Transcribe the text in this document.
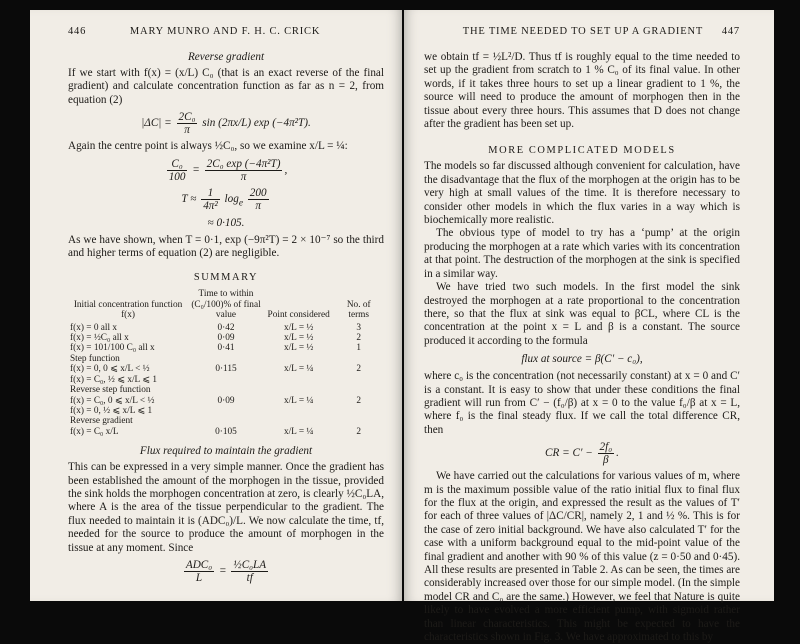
446	MARY MUNRO AND F. H. C. CRICK
Reverse gradient

If we start with f(x) = (x/L) C₀ (that is an exact reverse of the final gradient) and calculate concentration function as far as n = 2, from equation (2)

$|\Delta C| = \frac{\text{2C₀}}{\pi}$ sin (2πx/L) exp (−4π²T).

Again the centre point is always ½C₀, so we examine x/L = ¼:

$\frac{\text{C₀}}{100} = \frac{\text{2C₀ exp (−4π²T)}}{\pi}$ ,
$T \approx \frac{1}{\text{4π²}} \log_e \frac{200}{\pi}$
≈ 0·105.

As we have shown, when T = 0·1, exp (−9π²T) = 2 × 10⁻⁷ so the third and higher terms of equation (2) are negligible.

SUMMARY
Initial concentration function f(x)	Time to within (C₀/100)% of final value	Point considered	No. of terms
f(x) = 0 all x	0·42	x/L = ½	3
f(x) = ½C₀ all x	0·09	x/L = ½	2
f(x) = 101/100 C₀ all x	0·41	x/L = ½	1
Step function			
f(x) = 0, 0 ⩽ x/L < ½	0·115	x/L = ¼	2
f(x) = C₀, ½ ⩽ x/L ⩽ 1			
Reverse step function			
f(x) = C₀, 0 ⩽ x/L < ½	0·09	x/L = ¼	2
f(x) = 0, ½ ⩽ x/L ⩽ 1			
Reverse gradient			
f(x) = C₀ x/L	0·105	x/L = ¼	2
Flux required to maintain the gradient

This can be expressed in a very simple manner. Once the gradient has been established the amount of the morphogen in the tissue, provided the sink holds the morphogen concentration at zero, is clearly ½C₀LA, where A is the area of the tissue perpendicular to the gradient. The flux needed to maintain it is (ADC₀)/L. We now calculate the time, tf, needed for the source to produce the amount of morphogen in the tissue at any moment. Since

$\frac{\text{ADC₀}}{L} = \frac{\text{½C₀LA}}{tf}$
THE TIME NEEDED TO SET UP A GRADIENT 447

we obtain tf = ½L²/D. Thus tf is roughly equal to the time needed to set up the gradient from scratch to 1 % C₀ of its final value. In other words, if it takes three hours to set up a linear gradient to 1 %, the source will need to produce the amount of morphogen then in the tissue about every three hours. This assumes that D does not change after the gradient has been set up.

MORE COMPLICATED MODELS

The models so far discussed although convenient for calculation, have the disadvantage that the flux of the morphogen at the origin has to be very high at small values of the time. It is therefore necessary to consider other models in which the flux varies in a way which is biochemically more realistic.

The obvious type of model to try has a ‘pump’ at the origin producing the morphogen at a rate which varies with its concentration at that point. The destruction of the morphogen at the sink is specified in a similar way.

We have tried two such models. In the first model the sink destroyed the morphogen at a rate proportional to the concentration there, so that the flux at sink was equal to βCL, where CL is the concentration at the point x = L and β is a constant. The source produced it according to the formula

flux at source = β(C′ − c₀),

where c₀ is the concentration (not necessarily constant) at x = 0 and C′ is a constant. It is easy to show that under these conditions the final gradient will run from C′ − (f₀/β) at x = 0 to the value f₀/β at x = L, where f₀ is the final steady flux. If we call the total difference CR, then

CR = $C' - \frac{\text{2f₀}}{\beta}$ .

We have carried out the calculations for various values of m, where m is the maximum possible value of the ratio initial flux to final flux for the flux at the origin, and expressed the result as the values of T′ for each of three values of |ΔC/CR|, namely 2, 1 and ½ %. This is for the case of zero initial background. We have also calculated T′ for the case with a uniform background equal to the mid-point value of the final gradient and another with 90 % of this value (z = 0·50 and 0·45). All these results are presented in Table 2. As can be seen, the times are considerably increased over those for our simple model. (In the simple model CR and C₀ are the same.) However, we feel that Nature is quite likely to have evolved a more efficient pump, with sigmoid rather than linear characteristics. This might be expected to have the characteristics shown in Fig. 3. We have approximated to this by
